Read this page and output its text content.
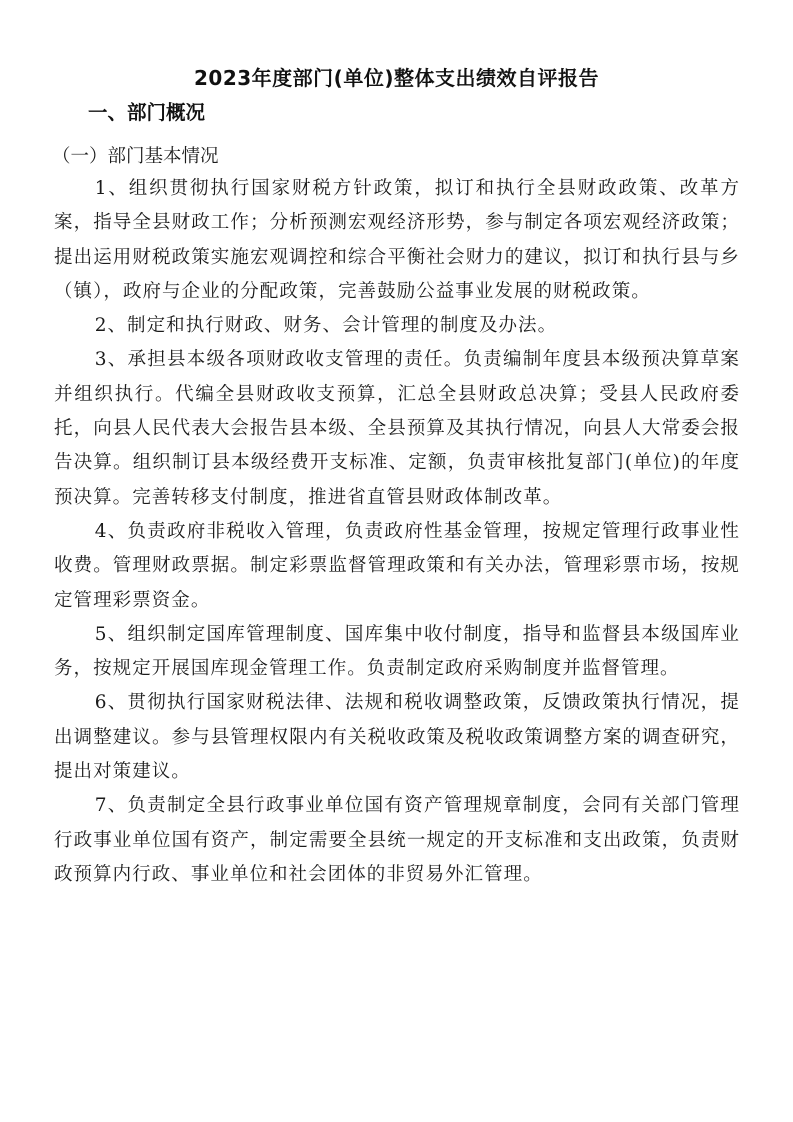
2023年度部门(单位)整体支出绩效自评报告
一、部门概况
（一）部门基本情况

1、组织贯彻执行国家财税方针政策，拟订和执行全县财政政策、改革方案，指导全县财政工作；分析预测宏观经济形势，参与制定各项宏观经济政策；提出运用财税政策实施宏观调控和综合平衡社会财力的建议，拟订和执行县与乡（镇），政府与企业的分配政策，完善鼓励公益事业发展的财税政策。

2、制定和执行财政、财务、会计管理的制度及办法。

3、承担县本级各项财政收支管理的责任。负责编制年度县本级预决算草案并组织执行。代编全县财政收支预算，汇总全县财政总决算；受县人民政府委托，向县人民代表大会报告县本级、全县预算及其执行情况，向县人大常委会报告决算。组织制订县本级经费开支标准、定额，负责审核批复部门(单位)的年度预决算。完善转移支付制度，推进省直管县财政体制改革。

4、负责政府非税收入管理，负责政府性基金管理，按规定管理行政事业性收费。管理财政票据。制定彩票监督管理政策和有关办法，管理彩票市场，按规定管理彩票资金。

5、组织制定国库管理制度、国库集中收付制度，指导和监督县本级国库业务，按规定开展国库现金管理工作。负责制定政府采购制度并监督管理。

6、贯彻执行国家财税法律、法规和税收调整政策，反馈政策执行情况，提出调整建议。参与县管理权限内有关税收政策及税收政策调整方案的调查研究，提出对策建议。

7、负责制定全县行政事业单位国有资产管理规章制度，会同有关部门管理行政事业单位国有资产，制定需要全县统一规定的开支标准和支出政策，负责财政预算内行政、事业单位和社会团体的非贸易外汇管理。
